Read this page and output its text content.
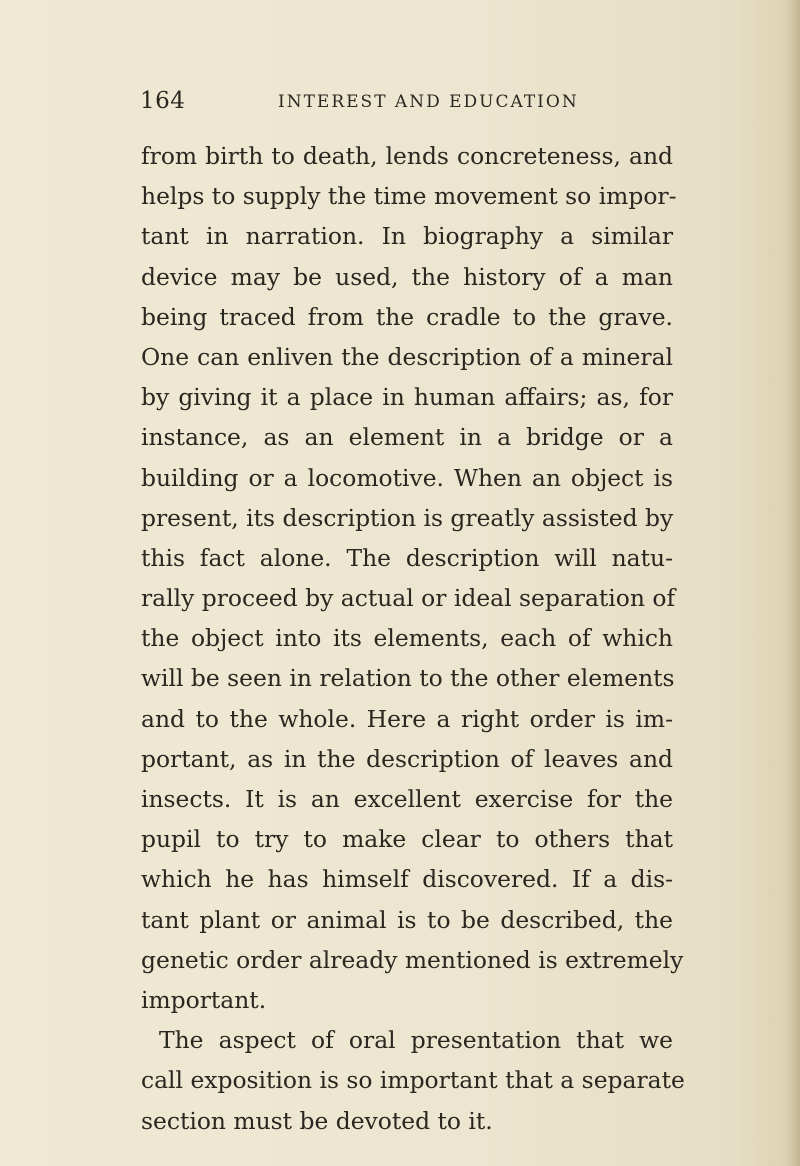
164	INTEREST AND EDUCATION
from birth to death, lends concreteness, and
helps to supply the time movement so impor-
tant in narration. In biography a similar
device may be used, the history of a man
being traced from the cradle to the grave.
One can enliven the description of a mineral
by giving it a place in human affairs; as, for
instance, as an element in a bridge or a
building or a locomotive. When an object is
present, its description is greatly assisted by
this fact alone. The description will natu-
rally proceed by actual or ideal separation of
the object into its elements, each of which
will be seen in relation to the other elements
and to the whole. Here a right order is im-
portant, as in the description of leaves and
insects. It is an excellent exercise for the
pupil to try to make clear to others that
which he has himself discovered. If a dis-
tant plant or animal is to be described, the
genetic order already mentioned is extremely
important.
The aspect of oral presentation that we
call exposition is so important that a separate
section must be devoted to it.
